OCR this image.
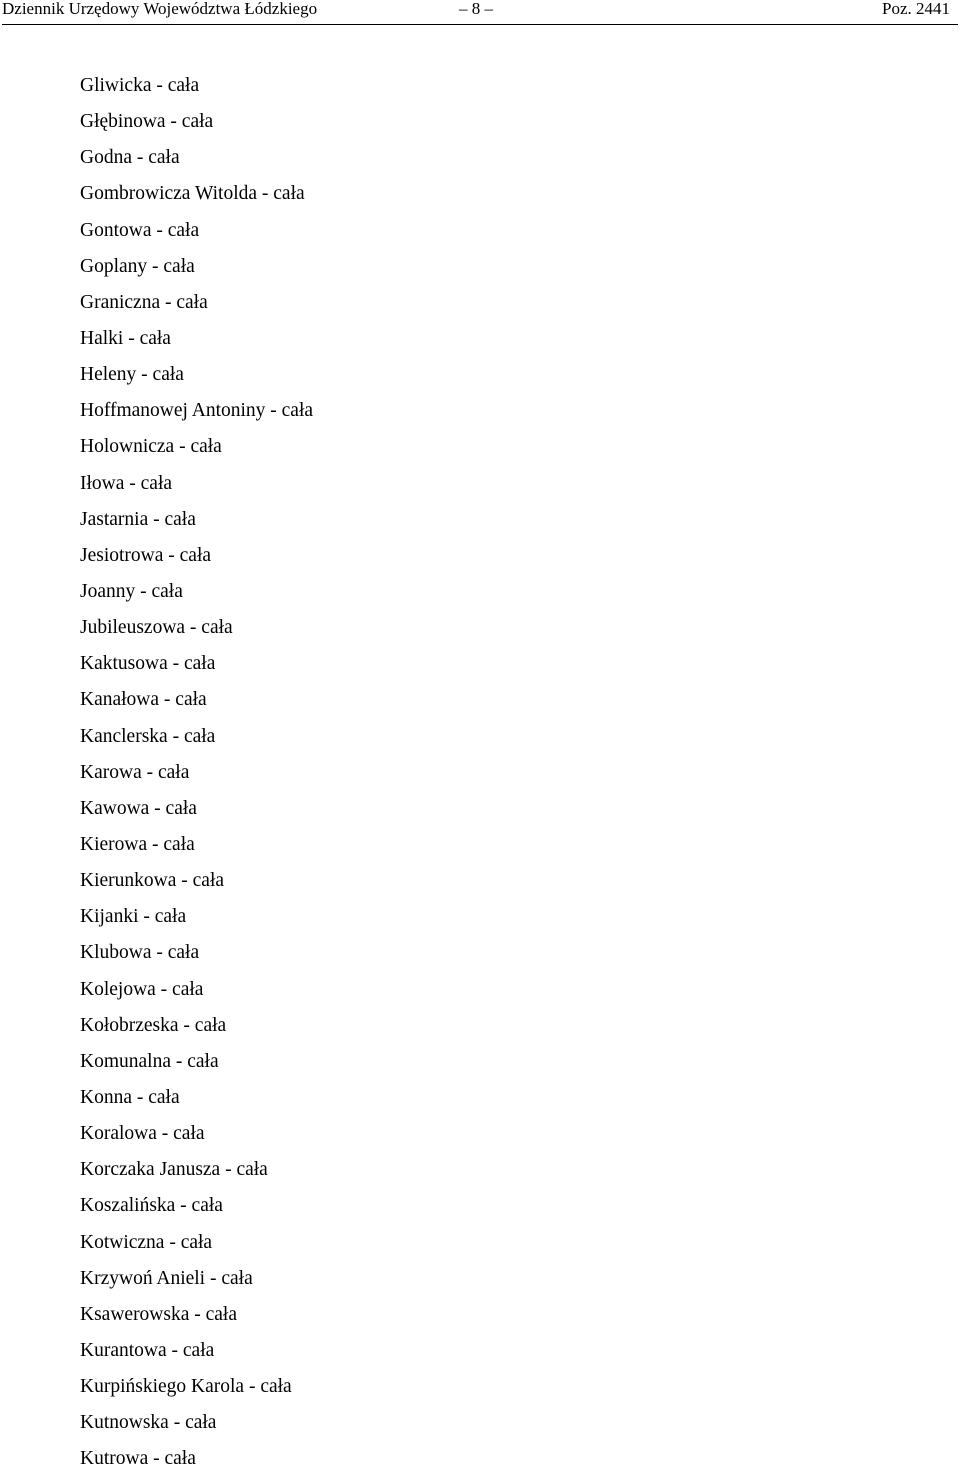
Dziennik Urzędowy Województwa Łódzkiego	– 8 –	Poz. 2441
Gliwicka - cała
Głębinowa - cała
Godna - cała
Gombrowicza Witolda - cała
Gontowa - cała
Goplany - cała
Graniczna - cała
Halki - cała
Heleny - cała
Hoffmanowej Antoniny - cała
Holownicza - cała
Iłowa - cała
Jastarnia - cała
Jesiotrowa - cała
Joanny - cała
Jubileuszowa - cała
Kaktusowa - cała
Kanałowa - cała
Kanclerska - cała
Karowa - cała
Kawowa - cała
Kierowa - cała
Kierunkowa - cała
Kijanki - cała
Klubowa - cała
Kolejowa - cała
Kołobrzeska - cała
Komunalna - cała
Konna - cała
Koralowa - cała
Korczaka Janusza - cała
Koszalińska - cała
Kotwiczna - cała
Krzywoń Anieli - cała
Ksawerowska - cała
Kurantowa - cała
Kurpińskiego Karola - cała
Kutnowska - cała
Kutrowa - cała
